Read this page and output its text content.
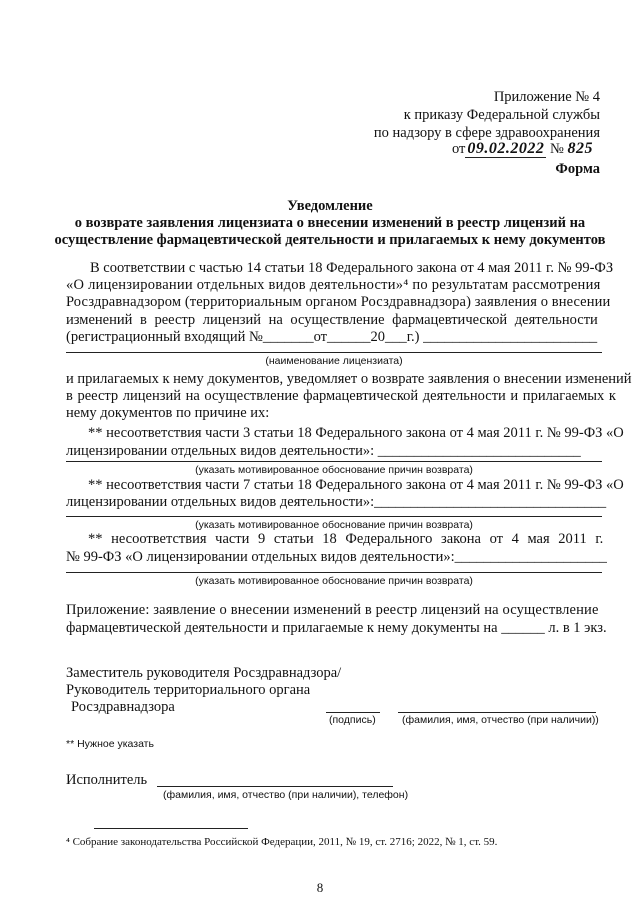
Приложение № 4
к приказу Федеральной службы
по надзору в сфере здравоохранения
от 09.02.2022 № 825
Форма
Уведомление
о возврате заявления лицензиата о внесении изменений в реестр лицензий на
осуществление фармацевтической деятельности и прилагаемых к нему документов
В соответствии с частью 14 статьи 18 Федерального закона от 4 мая 2011 г. № 99-ФЗ
«О лицензировании отдельных видов деятельности»⁴ по результатам рассмотрения
Росздравнадзором (территориальным органом Росздравнадзора) заявления о внесении
изменений в реестр лицензий на осуществление фармацевтической деятельности
(регистрационный входящий №_______от______20___г.) ________________________
(наименование лицензиата)
и прилагаемых к нему документов, уведомляет о возврате заявления о внесении изменений
в реестр лицензий на осуществление фармацевтической деятельности и прилагаемых к
нему документов по причине их:
** несоответствия части 3 статьи 18 Федерального закона от 4 мая 2011 г. № 99-ФЗ «О
лицензировании отдельных видов деятельности»: ____________________________
(указать мотивированное обоснование причин возврата)
** несоответствия части 7 статьи 18 Федерального закона от 4 мая 2011 г. № 99-ФЗ «О
лицензировании отдельных видов деятельности»:________________________________
(указать мотивированное обоснование причин возврата)
** несоответствия части 9 статьи 18 Федерального закона от 4 мая 2011 г.
№ 99-ФЗ «О лицензировании отдельных видов деятельности»:_____________________
(указать мотивированное обоснование причин возврата)
Приложение: заявление о внесении изменений в реестр лицензий на осуществление
фармацевтической деятельности и прилагаемые к нему документы на ______ л. в 1 экз.
Заместитель руководителя Росздравнадзора/
Руководитель территориального органа
Росздравнадзора
(подпись)	(фамилия, имя, отчество (при наличии))
** Нужное указать
Исполнитель
(фамилия, имя, отчество (при наличии), телефон)
⁴ Собрание законодательства Российской Федерации, 2011, № 19, ст. 2716; 2022, № 1, ст. 59.
8
